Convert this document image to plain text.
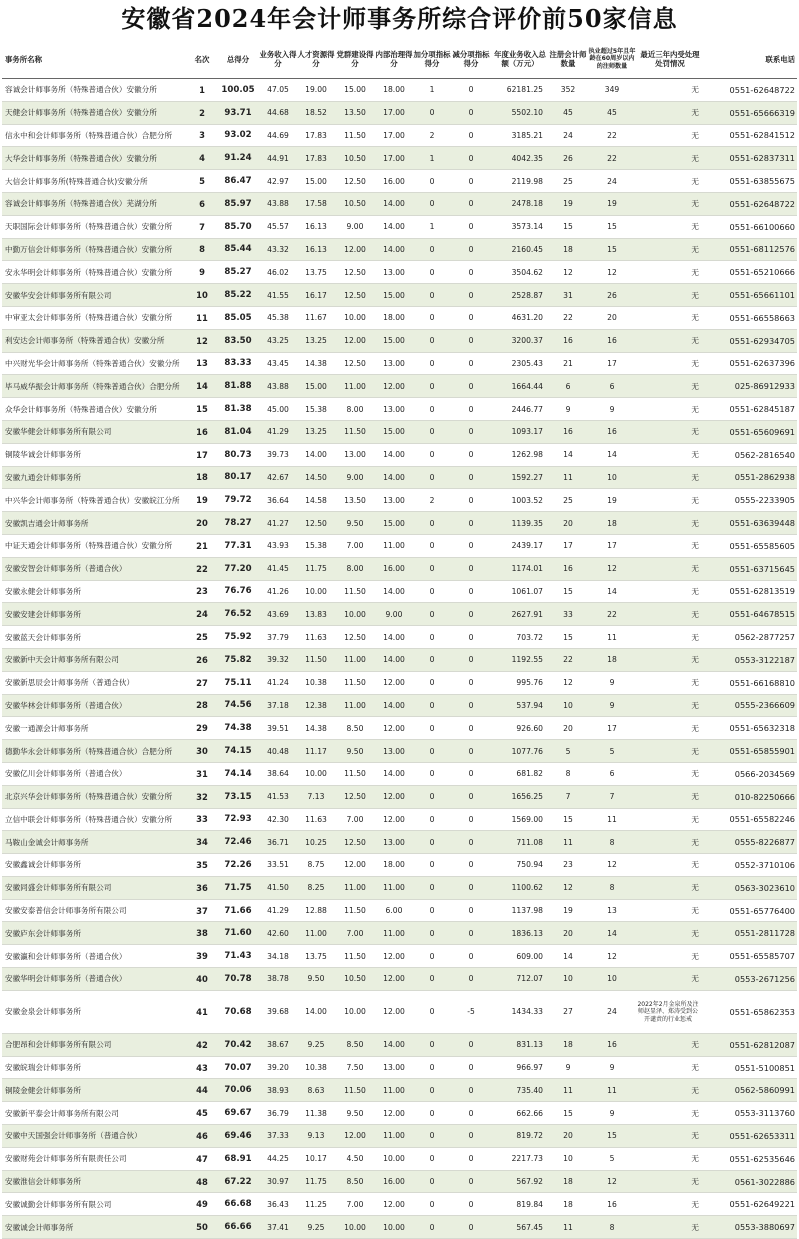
安徽省2024年会计师事务所综合评价前50家信息
事务所名称	名次	总得分	业务收入得分	人才资源得分	党群建设得分	内部治理得分	加分项指标得分	减分项指标得分	年度业务收入总额（万元）	注册会计师数量	执业超过5年且年龄在60周岁以内的注师数量	最近三年内受处理处罚情况	联系电话
容诚会计师事务所（特殊普通合伙）安徽分所	1	100.05	47.05	19.00	15.00	18.00	1	0	62181.25	352	349	无	0551-62648722
天健会计师事务所（特殊普通合伙）安徽分所	2	93.71	44.68	18.52	13.50	17.00	0	0	5502.10	45	45	无	0551-65666319
信永中和会计师事务所（特殊普通合伙）合肥分所	3	93.02	44.69	17.83	11.50	17.00	2	0	3185.21	24	22	无	0551-62841512
大华会计师事务所（特殊普通合伙）安徽分所	4	91.24	44.91	17.83	10.50	17.00	1	0	4042.35	26	22	无	0551-62837311
大信会计师事务所(特殊普通合伙)安徽分所	5	86.47	42.97	15.00	12.50	16.00	0	0	2119.98	25	24	无	0551-63855675
容诚会计师事务所（特殊普通合伙）芜湖分所	6	85.97	43.88	17.58	10.50	14.00	0	0	2478.18	19	19	无	0551-62648722
天职国际会计师事务所（特殊普通合伙）安徽分所	7	85.70	45.57	16.13	9.00	14.00	1	0	3573.14	15	15	无	0551-66100660
中勤万信会计师事务所（特殊普通合伙）安徽分所	8	85.44	43.32	16.13	12.00	14.00	0	0	2160.45	18	15	无	0551-68112576
安永华明会计师事务所（特殊普通合伙）安徽分所	9	85.27	46.02	13.75	12.50	13.00	0	0	3504.62	12	12	无	0551-65210666
安徽华安会计师事务所有限公司	10	85.22	41.55	16.17	12.50	15.00	0	0	2528.87	31	26	无	0551-65661101
中审亚太会计师事务所（特殊普通合伙）安徽分所	11	85.05	45.38	11.67	10.00	18.00	0	0	4631.20	22	20	无	0551-66558663
利安达会计师事务所（特殊普通合伙）安徽分所	12	83.50	43.25	13.25	12.00	15.00	0	0	3200.37	16	16	无	0551-62934705
中兴财光华会计师事务所（特殊普通合伙）安徽分所	13	83.33	43.45	14.38	12.50	13.00	0	0	2305.43	21	17	无	0551-62637396
毕马威华振会计师事务所（特殊普通合伙）合肥分所	14	81.88	43.88	15.00	11.00	12.00	0	0	1664.44	6	6	无	025-86912933
众华会计师事务所（特殊普通合伙）安徽分所	15	81.38	45.00	15.38	8.00	13.00	0	0	2446.77	9	9	无	0551-62845187
安徽华健会计师事务所有限公司	16	81.04	41.29	13.25	11.50	15.00	0	0	1093.17	16	16	无	0551-65609691
铜陵华诚会计师事务所	17	80.73	39.73	14.00	13.00	14.00	0	0	1262.98	14	14	无	0562-2816540
安徽九通会计师事务所	18	80.17	42.67	14.50	9.00	14.00	0	0	1592.27	11	10	无	0551-2862938
中兴华会计师事务所（特殊普通合伙）安徽皖江分所	19	79.72	36.64	14.58	13.50	13.00	2	0	1003.52	25	19	无	0555-2233905
安徽凯吉通会计师事务所	20	78.27	41.27	12.50	9.50	15.00	0	0	1139.35	20	18	无	0551-63639448
中证天通会计师事务所（特殊普通合伙）安徽分所	21	77.31	43.93	15.38	7.00	11.00	0	0	2439.17	17	17	无	0551-65585605
安徽安智会计师事务所（普通合伙）	22	77.20	41.45	11.75	8.00	16.00	0	0	1174.01	16	12	无	0551-63715645
安徽永健会计师事务所	23	76.76	41.26	10.00	11.50	14.00	0	0	1061.07	15	14	无	0551-62813519
安徽安建会计师事务所	24	76.52	43.69	13.83	10.00	9.00	0	0	2627.91	33	22	无	0551-64678515
安徽蓝天会计师事务所	25	75.92	37.79	11.63	12.50	14.00	0	0	703.72	15	11	无	0562-2877257
安徽新中天会计师事务所有限公司	26	75.82	39.32	11.50	11.00	14.00	0	0	1192.55	22	18	无	0553-3122187
安徽新思辰会计师事务所（普通合伙）	27	75.11	41.24	10.38	11.50	12.00	0	0	995.76	12	9	无	0551-66168810
安徽华林会计师事务所（普通合伙）	28	74.56	37.18	12.38	11.00	14.00	0	0	537.94	10	9	无	0555-2366609
安徽一通源会计师事务所	29	74.38	39.51	14.38	8.50	12.00	0	0	926.60	20	17	无	0551-65632318
德勤华永会计师事务所（特殊普通合伙）合肥分所	30	74.15	40.48	11.17	9.50	13.00	0	0	1077.76	5	5	无	0551-65855901
安徽亿川会计师事务所（普通合伙）	31	74.14	38.64	10.00	11.50	14.00	0	0	681.82	8	6	无	0566-2034569
北京兴华会计师事务所（特殊普通合伙）安徽分所	32	73.15	41.53	7.13	12.50	12.00	0	0	1656.25	7	7	无	010-82250666
立信中联会计师事务所（特殊普通合伙）安徽分所	33	72.93	42.30	11.63	7.00	12.00	0	0	1569.00	15	11	无	0551-65582246
马鞍山金诚会计师事务所	34	72.46	36.71	10.25	12.50	13.00	0	0	711.08	11	8	无	0555-8226877
安徽鑫诚会计师事务所	35	72.26	33.51	8.75	12.00	18.00	0	0	750.94	23	12	无	0552-3710106
安徽同盛会计师事务所有限公司	36	71.75	41.50	8.25	11.00	11.00	0	0	1100.62	12	8	无	0563-3023610
安徽安泰普信会计师事务所有限公司	37	71.66	41.29	12.88	11.50	6.00	0	0	1137.98	19	13	无	0551-65776400
安徽庐东会计师事务所	38	71.60	42.60	11.00	7.00	11.00	0	0	1836.13	20	14	无	0551-2811728
安徽瀛和会计师事务所（普通合伙）	39	71.43	34.18	13.75	11.50	12.00	0	0	609.00	14	12	无	0551-65585707
安徽华明会计师事务所（普通合伙）	40	70.78	38.78	9.50	10.50	12.00	0	0	712.07	10	10	无	0553-2671256
安徽金泉会计师事务所	41	70.68	39.68	14.00	10.00	12.00	0	-5	1434.33	27	24	2022年2月金泉所及注师赵显泽、郑涛受到公开谴责的行业惩戒	0551-65862353
合肥昂和会计师事务所有限公司	42	70.42	38.67	9.25	8.50	14.00	0	0	831.13	18	16	无	0551-62812087
安徽皖瑞会计师事务所	43	70.07	39.20	10.38	7.50	13.00	0	0	966.97	9	9	无	0551-5100851
铜陵金健会计师事务所	44	70.06	38.93	8.63	11.50	11.00	0	0	735.40	11	11	无	0562-5860991
安徽新平泰会计师事务所有限公司	45	69.67	36.79	11.38	9.50	12.00	0	0	662.66	15	9	无	0553-3113760
安徽中天国强会计师事务所（普通合伙）	46	69.46	37.33	9.13	12.00	11.00	0	0	819.72	20	15	无	0551-62653311
安徽财苑会计师事务所有限责任公司	47	68.91	44.25	10.17	4.50	10.00	0	0	2217.73	10	5	无	0551-62535646
安徽淮信会计师事务所	48	67.22	30.97	11.75	8.50	16.00	0	0	567.92	18	12	无	0561-3022886
安徽诚勤会计师事务所有限公司	49	66.68	36.43	11.25	7.00	12.00	0	0	819.84	18	16	无	0551-62649221
安徽诚会计师事务所	50	66.66	37.41	9.25	10.00	10.00	0	0	567.45	11	8	无	0553-3880697
